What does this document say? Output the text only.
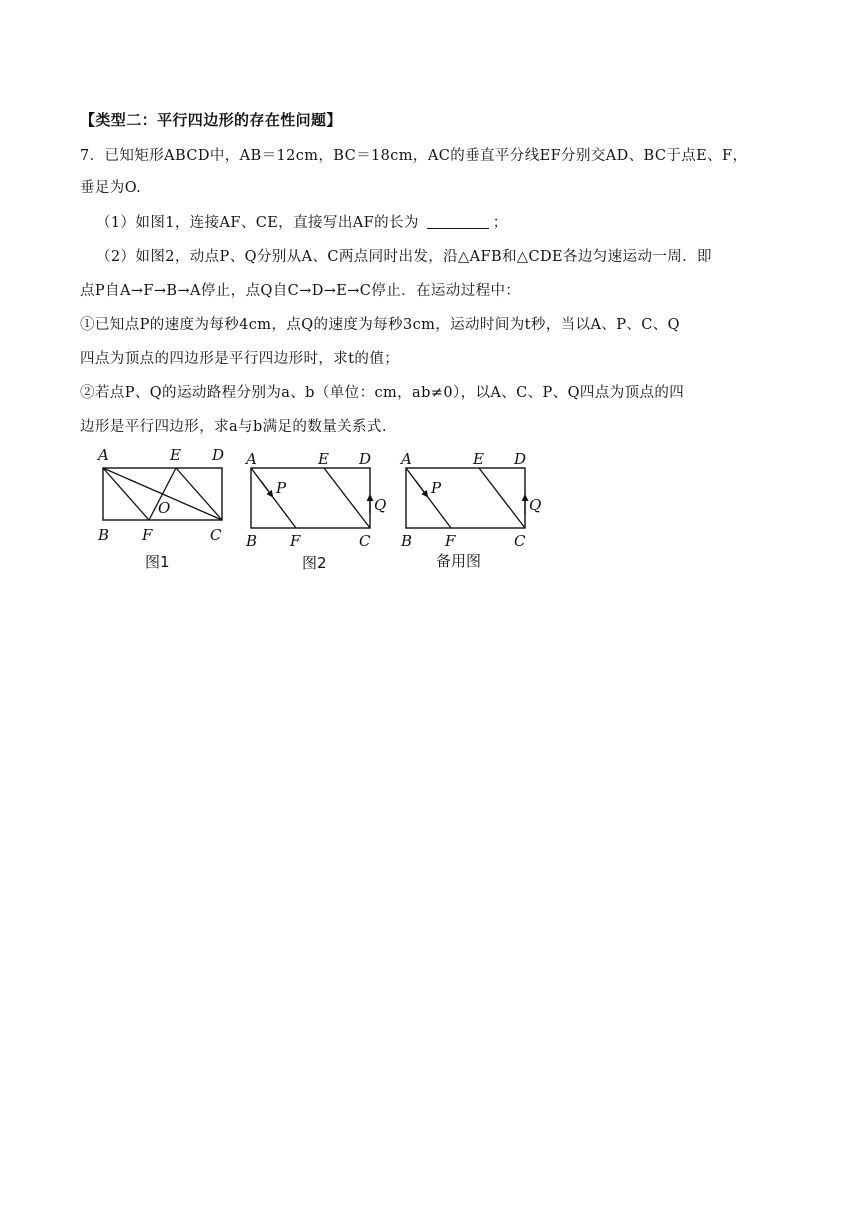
【类型二：平行四边形的存在性问题】
7．已知矩形ABCD中，AB＝12cm，BC＝18cm，AC的垂直平分线EF分别交AD、BC于点E、F，
垂足为O.
（1）如图1，连接AF、CE，直接写出AF的长为	；
（2）如图2，动点P、Q分别从A、C两点同时出发，沿△AFB和△CDE各边匀速运动一周．即
点P自A→F→B→A停止，点Q自C→D→E→C停止．在运动过程中：
①已知点P的速度为每秒4cm，点Q的速度为每秒3cm，运动时间为t秒，当以A、P、C、Q
四点为顶点的四边形是平行四边形时，求t的值；
②若点P、Q的运动路程分别为a、b（单位：cm，ab≠0），以A、C、P、Q四点为顶点的四
边形是平行四边形，求a与b满足的数量关系式.
A	E D
B F	C
O
图1
A	E D
B F	C
P
Q
图2
A	E D
B F	C
P
Q
备用图
